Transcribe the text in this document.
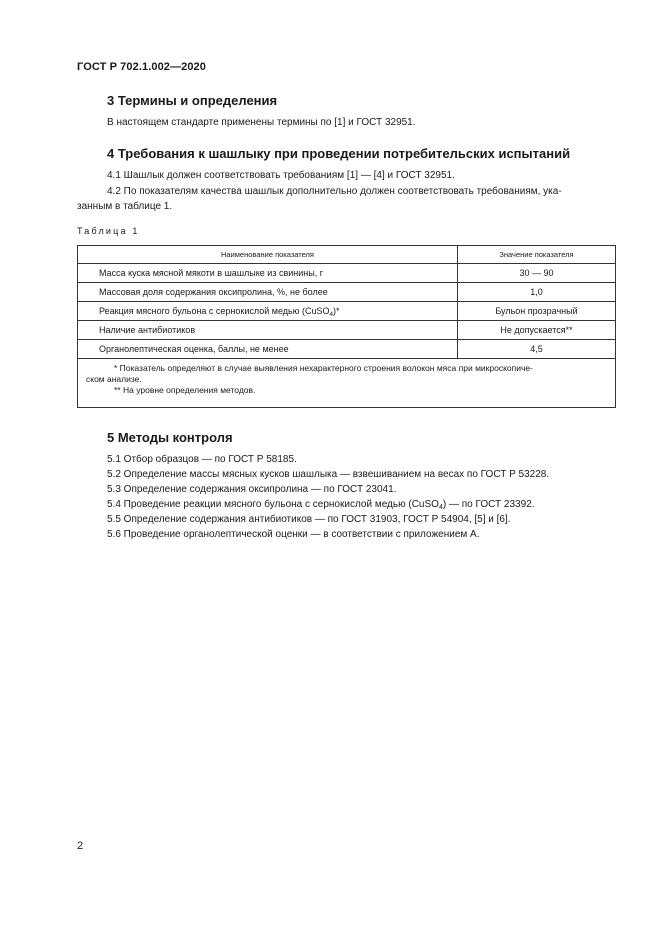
ГОСТ Р 702.1.002—2020
3 Термины и определения
В настоящем стандарте применены термины по [1] и ГОСТ 32951.
4 Требования к шашлыку при проведении потребительских испытаний
4.1 Шашлык должен соответствовать требованиям [1] — [4] и ГОСТ 32951.
4.2 По показателям качества шашлык дополнительно должен соответствовать требованиям, ука-
занным в таблице 1.
Таблица 1
Наименование показателя	Значение показателя
Масса куска мясной мякоти в шашлыке из свинины, г	30 — 90
Массовая доля содержания оксипролина, %, не более	1,0
Реакция мясного бульона с сернокислой медью (CuSO$_4$)*	Бульон прозрачный
Наличие антибиотиков	Не допускается**
Органолептическая оценка, баллы, не менее	4,5

* Показатель определяют в случае выявления нехарактерного строения волокон мяса при микроскопиче-
ском анализе.
** На уровне определения методов.	
5 Методы контроля
5.1 Отбор образцов — по ГОСТ Р 58185.
5.2 Определение массы мясных кусков шашлыка — взвешиванием на весах по ГОСТ Р 53228.
5.3 Определение содержания оксипролина — по ГОСТ 23041.
5.4 Проведение реакции мясного бульона с сернокислой медью (CuSO$_4$) — по ГОСТ 23392.
5.5 Определение содержания антибиотиков — по ГОСТ 31903, ГОСТ Р 54904, [5] и [6].
5.6 Проведение органолептической оценки — в соответствии с приложением А.
2
